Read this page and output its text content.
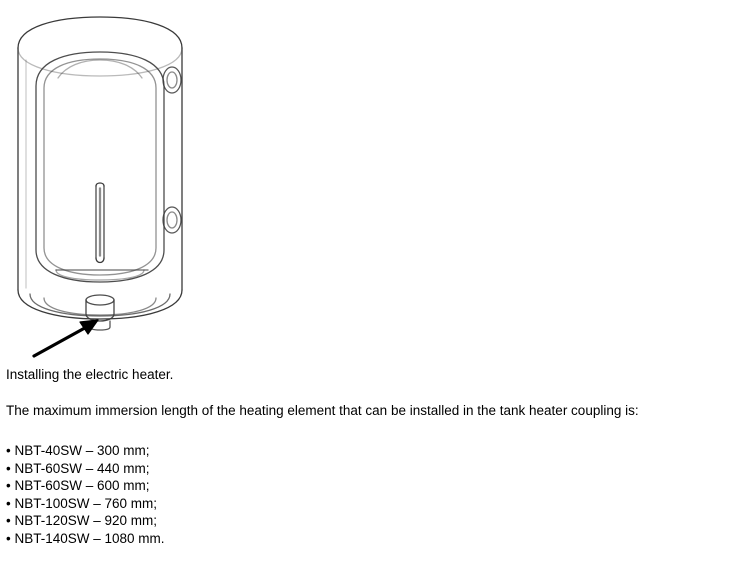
Installing the electric heater.

The maximum immersion length of the heating element that can be installed in the tank heater coupling is:

• NBT-40SW – 300 mm;
• NBT-60SW – 440 mm;
• NBT-60SW – 600 mm;
• NBT-100SW – 760 mm;
• NBT-120SW – 920 mm;
• NBT-140SW – 1080 mm.
